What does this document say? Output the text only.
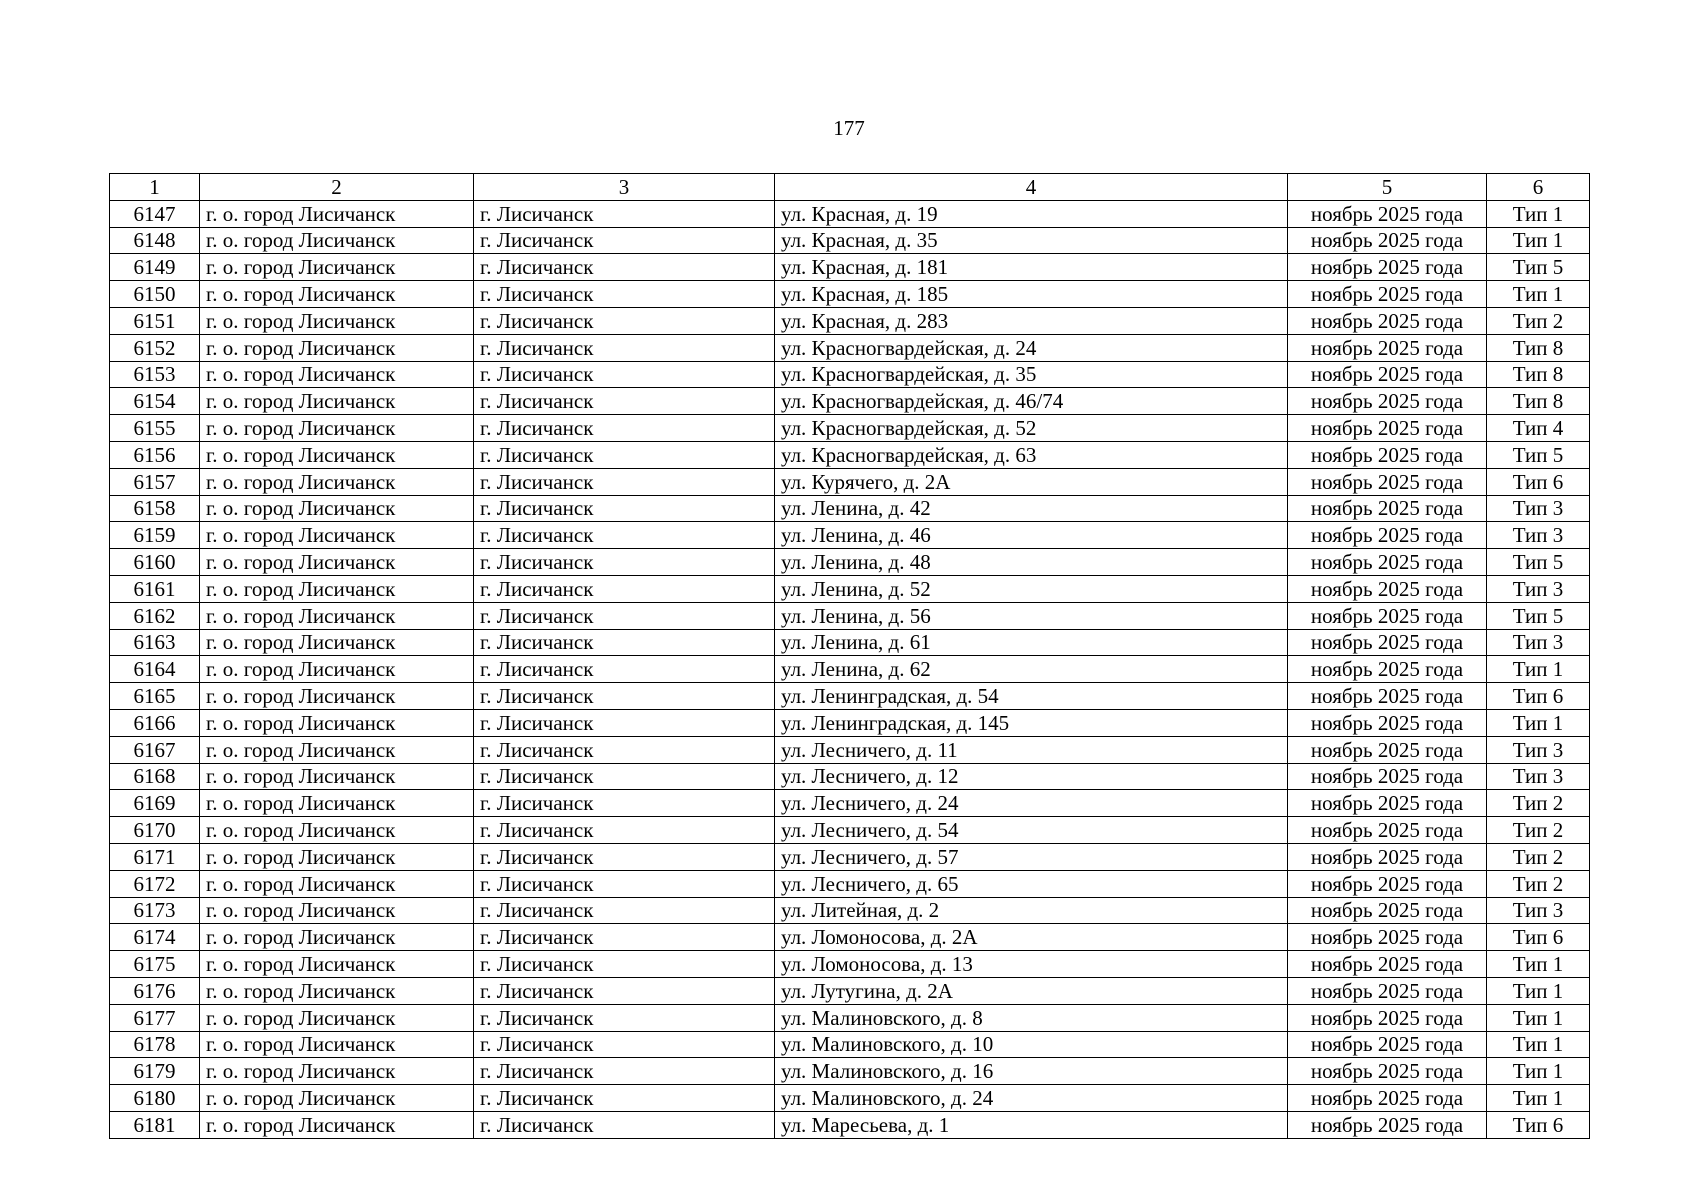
177
1	2	3	4	5	6
6147	г. о. город Лисичанск	г. Лисичанск	ул. Красная, д. 19	ноябрь 2025 года	Тип 1
6148	г. о. город Лисичанск	г. Лисичанск	ул. Красная, д. 35	ноябрь 2025 года	Тип 1
6149	г. о. город Лисичанск	г. Лисичанск	ул. Красная, д. 181	ноябрь 2025 года	Тип 5
6150	г. о. город Лисичанск	г. Лисичанск	ул. Красная, д. 185	ноябрь 2025 года	Тип 1
6151	г. о. город Лисичанск	г. Лисичанск	ул. Красная, д. 283	ноябрь 2025 года	Тип 2
6152	г. о. город Лисичанск	г. Лисичанск	ул. Красногвардейская, д. 24	ноябрь 2025 года	Тип 8
6153	г. о. город Лисичанск	г. Лисичанск	ул. Красногвардейская, д. 35	ноябрь 2025 года	Тип 8
6154	г. о. город Лисичанск	г. Лисичанск	ул. Красногвардейская, д. 46/74	ноябрь 2025 года	Тип 8
6155	г. о. город Лисичанск	г. Лисичанск	ул. Красногвардейская, д. 52	ноябрь 2025 года	Тип 4
6156	г. о. город Лисичанск	г. Лисичанск	ул. Красногвардейская, д. 63	ноябрь 2025 года	Тип 5
6157	г. о. город Лисичанск	г. Лисичанск	ул. Курячего, д. 2А	ноябрь 2025 года	Тип 6
6158	г. о. город Лисичанск	г. Лисичанск	ул. Ленина, д. 42	ноябрь 2025 года	Тип 3
6159	г. о. город Лисичанск	г. Лисичанск	ул. Ленина, д. 46	ноябрь 2025 года	Тип 3
6160	г. о. город Лисичанск	г. Лисичанск	ул. Ленина, д. 48	ноябрь 2025 года	Тип 5
6161	г. о. город Лисичанск	г. Лисичанск	ул. Ленина, д. 52	ноябрь 2025 года	Тип 3
6162	г. о. город Лисичанск	г. Лисичанск	ул. Ленина, д. 56	ноябрь 2025 года	Тип 5
6163	г. о. город Лисичанск	г. Лисичанск	ул. Ленина, д. 61	ноябрь 2025 года	Тип 3
6164	г. о. город Лисичанск	г. Лисичанск	ул. Ленина, д. 62	ноябрь 2025 года	Тип 1
6165	г. о. город Лисичанск	г. Лисичанск	ул. Ленинградская, д. 54	ноябрь 2025 года	Тип 6
6166	г. о. город Лисичанск	г. Лисичанск	ул. Ленинградская, д. 145	ноябрь 2025 года	Тип 1
6167	г. о. город Лисичанск	г. Лисичанск	ул. Лесничего, д. 11	ноябрь 2025 года	Тип 3
6168	г. о. город Лисичанск	г. Лисичанск	ул. Лесничего, д. 12	ноябрь 2025 года	Тип 3
6169	г. о. город Лисичанск	г. Лисичанск	ул. Лесничего, д. 24	ноябрь 2025 года	Тип 2
6170	г. о. город Лисичанск	г. Лисичанск	ул. Лесничего, д. 54	ноябрь 2025 года	Тип 2
6171	г. о. город Лисичанск	г. Лисичанск	ул. Лесничего, д. 57	ноябрь 2025 года	Тип 2
6172	г. о. город Лисичанск	г. Лисичанск	ул. Лесничего, д. 65	ноябрь 2025 года	Тип 2
6173	г. о. город Лисичанск	г. Лисичанск	ул. Литейная, д. 2	ноябрь 2025 года	Тип 3
6174	г. о. город Лисичанск	г. Лисичанск	ул. Ломоносова, д. 2А	ноябрь 2025 года	Тип 6
6175	г. о. город Лисичанск	г. Лисичанск	ул. Ломоносова, д. 13	ноябрь 2025 года	Тип 1
6176	г. о. город Лисичанск	г. Лисичанск	ул. Лутугина, д. 2А	ноябрь 2025 года	Тип 1
6177	г. о. город Лисичанск	г. Лисичанск	ул. Малиновского, д. 8	ноябрь 2025 года	Тип 1
6178	г. о. город Лисичанск	г. Лисичанск	ул. Малиновского, д. 10	ноябрь 2025 года	Тип 1
6179	г. о. город Лисичанск	г. Лисичанск	ул. Малиновского, д. 16	ноябрь 2025 года	Тип 1
6180	г. о. город Лисичанск	г. Лисичанск	ул. Малиновского, д. 24	ноябрь 2025 года	Тип 1
6181	г. о. город Лисичанск	г. Лисичанск	ул. Маресьева, д. 1	ноябрь 2025 года	Тип 6
